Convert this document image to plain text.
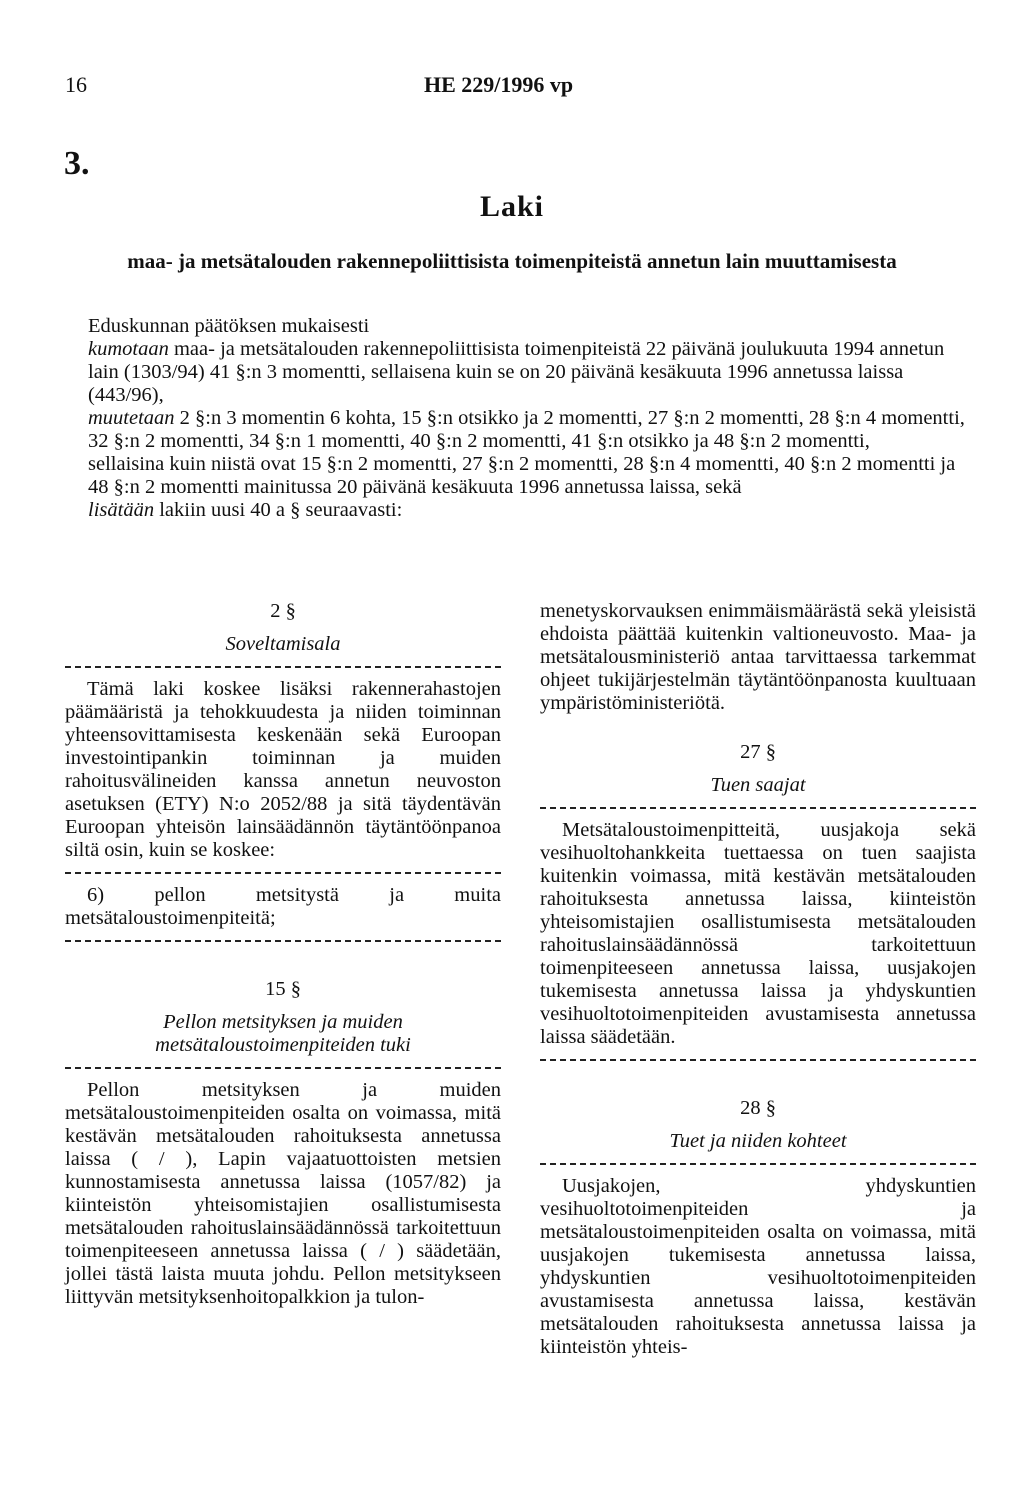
16	HE 229/1996 vp
3.
Laki
maa- ja metsätalouden rakennepoliittisista toimenpiteistä annetun lain muuttamisesta

Eduskunnan päätöksen mukaisesti

kumotaan maa- ja metsätalouden rakennepoliittisista toimenpiteistä 22 päivänä joulukuuta 1994 annetun lain (1303/94) 41 §:n 3 momentti, sellaisena kuin se on 20 päivänä kesäkuuta 1996 annetussa laissa (443/96),

muutetaan 2 §:n 3 momentin 6 kohta, 15 §:n otsikko ja 2 momentti, 27 §:n 2 momentti, 28 §:n 4 momentti, 32 §:n 2 momentti, 34 §:n 1 momentti, 40 §:n 2 momentti, 41 §:n otsikko ja 48 §:n 2 momentti,

sellaisina kuin niistä ovat 15 §:n 2 momentti, 27 §:n 2 momentti, 28 §:n 4 momentti, 40 §:n 2 momentti ja 48 §:n 2 momentti mainitussa 20 päivänä kesäkuuta 1996 annetussa laissa, sekä

lisätään lakiin uusi 40 a § seuraavasti:

2 §

Soveltamisala

Tämä laki koskee lisäksi rakennerahastojen päämääristä ja tehokkuudesta ja niiden toiminnan yhteensovittamisesta keskenään sekä Euroopan investointipankin toiminnan ja muiden rahoitusvälineiden kanssa annetun neuvoston asetuksen (ETY) N:o 2052/88 ja sitä täydentävän Euroopan yhteisön lainsäädännön täytäntöönpanoa siltä osin, kuin se koskee:

6) pellon metsitystä ja muita metsätaloustoimenpiteitä;

15 §

Pellon metsityksen ja muiden

metsätaloustoimenpiteiden tuki

Pellon metsityksen ja muiden metsätaloustoimenpiteiden osalta on voimassa, mitä kestävän metsätalouden rahoituksesta annetussa laissa ( / ), Lapin vajaatuottoisten metsien kunnostamisesta annetussa laissa (1057/82) ja kiinteistön yhteisomistajien osallistumisesta metsätalouden rahoituslainsäädännössä tarkoitettuun toimenpiteeseen annetussa laissa ( / ) säädetään, jollei tästä laista muuta johdu. Pellon metsitykseen liittyvän metsityksenhoitopalkkion ja tulon-

menetyskorvauksen enimmäismäärästä sekä yleisistä ehdoista päättää kuitenkin valtioneuvosto. Maa- ja metsätalousministeriö antaa tarvittaessa tarkemmat ohjeet tukijärjestelmän täytäntöönpanosta kuultuaan ympäristöministeriötä.

27 §

Tuen saajat

Metsätaloustoimenpitteitä, uusjakoja sekä vesihuoltohankkeita tuettaessa on tuen saajista kuitenkin voimassa, mitä kestävän metsätalouden rahoituksesta annetussa laissa, kiinteistön yhteisomistajien osallistumisesta metsätalouden rahoituslainsäädännössä tarkoitettuun toimenpiteeseen annetussa laissa, uusjakojen tukemisesta annetussa laissa ja yhdyskuntien vesihuoltotoimenpiteiden avustamisesta annetussa laissa säädetään.

28 §

Tuet ja niiden kohteet

Uusjakojen, yhdyskuntien vesihuoltotoimenpiteiden ja metsätaloustoimenpiteiden osalta on voimassa, mitä uusjakojen tukemisesta annetussa laissa, yhdyskuntien vesihuoltotoimenpiteiden avustamisesta annetussa laissa, kestävän metsätalouden rahoituksesta annetussa laissa ja kiinteistön yhteis-
